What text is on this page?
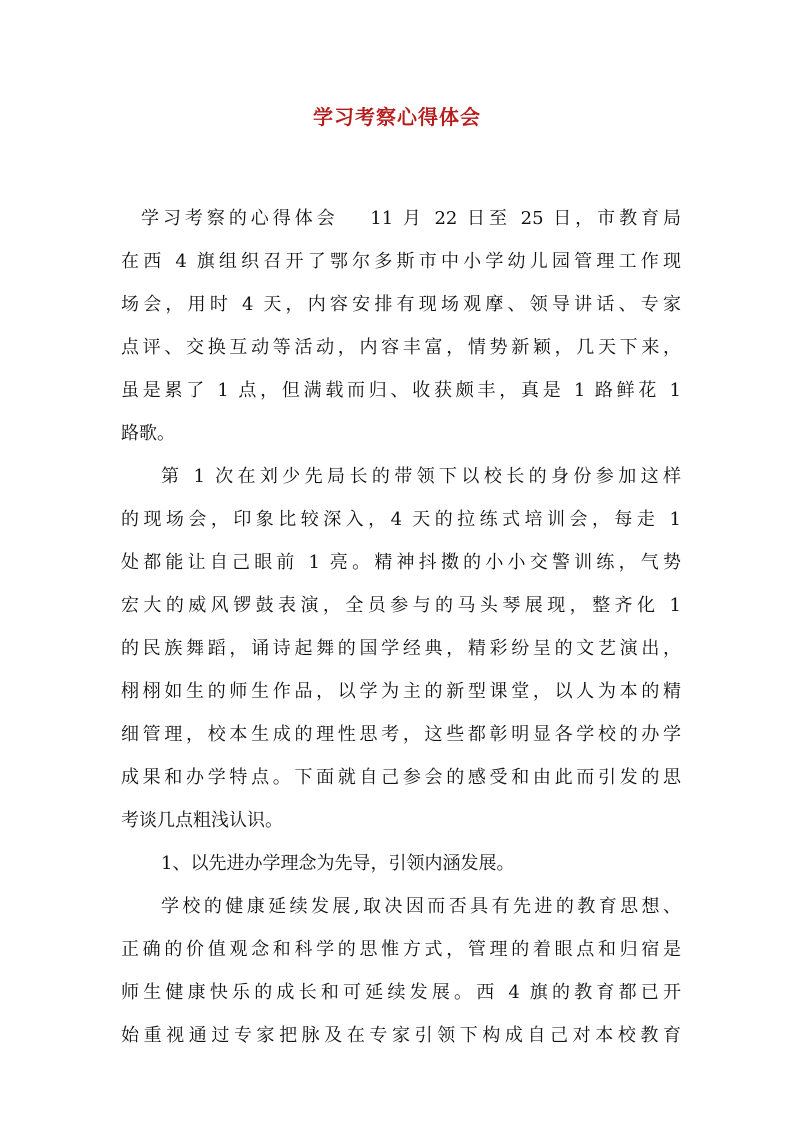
学习考察心得体会
学习考察的心得体会　 11 月 22 日至 25 日，市教育局
在西 4 旗组织召开了鄂尔多斯市中小学幼儿园管理工作现
场会，用时 4 天，内容安排有现场观摩、领导讲话、专家
点评、交换互动等活动，内容丰富，情势新颖，几天下来，
虽是累了 1 点，但满载而归、收获颇丰，真是 1 路鲜花 1
路歌。
第 1 次在刘少先局长的带领下以校长的身份参加这样
的现场会，印象比较深入，4 天的拉练式培训会，每走 1
处都能让自己眼前 1 亮。精神抖擞的小小交警训练，气势
宏大的威风锣鼓表演，全员参与的马头琴展现，整齐化 1
的民族舞蹈，诵诗起舞的国学经典，精彩纷呈的文艺演出，
栩栩如生的师生作品，以学为主的新型课堂，以人为本的精
细管理，校本生成的理性思考，这些都彰明显各学校的办学
成果和办学特点。下面就自己参会的感受和由此而引发的思
考谈几点粗浅认识。
1、以先进办学理念为先导，引领内涵发展。
学校的健康延续发展,取决因而否具有先进的教育思想、
正确的价值观念和科学的思惟方式，管理的着眼点和归宿是
师生健康快乐的成长和可延续发展。西 4 旗的教育都已开
始重视通过专家把脉及在专家引领下构成自己对本校教育
